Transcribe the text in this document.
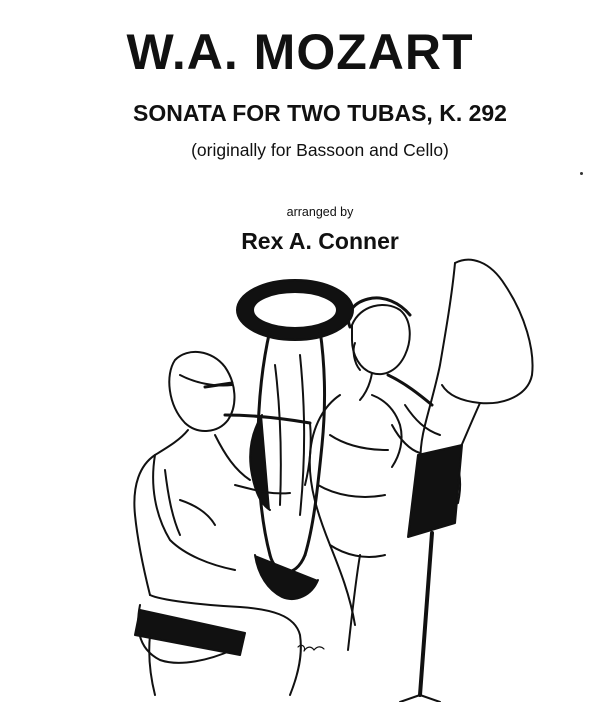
W.A. MOZART
SONATA FOR TWO TUBAS, K. 292
(originally for Bassoon and Cello)
arranged by
Rex A. Conner
